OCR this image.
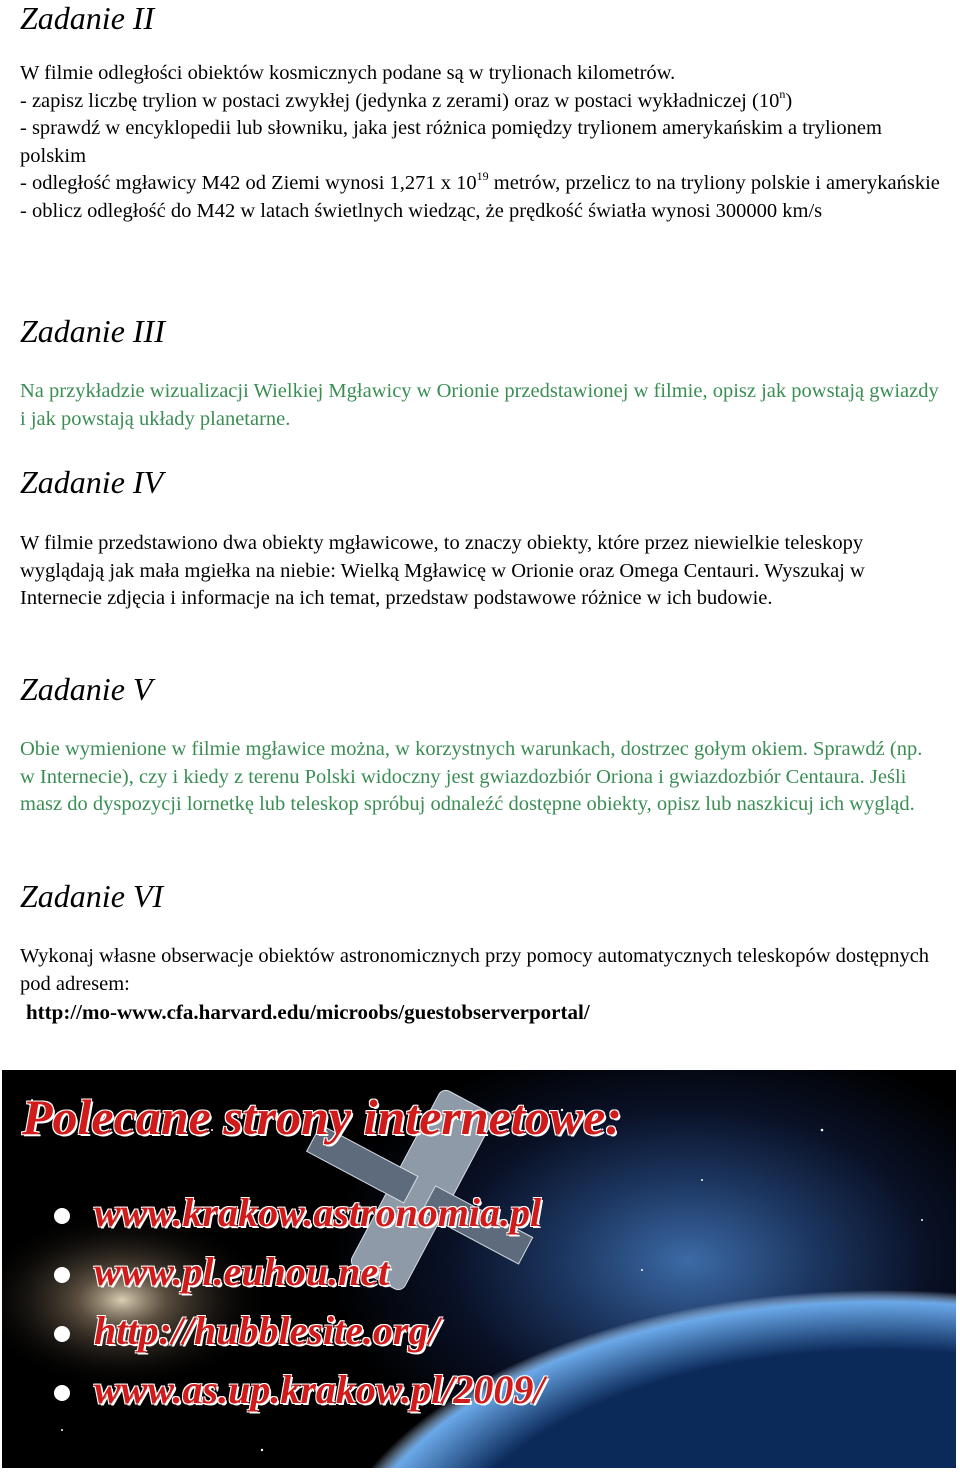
Zadanie II
W filmie odległości obiektów kosmicznych podane są w trylionach kilometrów.
- zapisz liczbę trylion w postaci zwykłej (jedynka z zerami) oraz w postaci wykładniczej (10$^n$)
- sprawdź w encyklopedii lub słowniku, jaka jest różnica pomiędzy trylionem amerykańskim a trylionem polskim
- odległość mgławicy M42 od Ziemi wynosi 1,271 x $10^{19}$ metrów, przelicz to na tryliony polskie i amerykańskie
- oblicz odległość do M42 w latach świetlnych wiedząc, że prędkość światła wynosi 300000 km/s
Zadanie III

Na przykładzie wizualizacji Wielkiej Mgławicy w Orionie przedstawionej w filmie, opisz jak powstają gwiazdy i jak powstają układy planetarne.

Zadanie IV

W filmie przedstawiono dwa obiekty mgławicowe, to znaczy obiekty, które przez niewielkie teleskopy wyglądają jak mała mgiełka na niebie: Wielką Mgławicę w Orionie oraz Omega Centauri. Wyszukaj w Internecie zdjęcia i informacje na ich temat, przedstaw podstawowe różnice w ich budowie.

Zadanie V

Obie wymienione w filmie mgławice można, w korzystnych warunkach, dostrzec gołym okiem. Sprawdź (np. w Internecie), czy i kiedy z terenu Polski widoczny jest gwiazdozbiór Oriona i gwiazdozbiór Centaura. Jeśli masz do dyspozycji lornetkę lub teleskop spróbuj odnaleźć dostępne obiekty, opisz lub naszkicuj ich wygląd.

Zadanie VI

Wykonaj własne obserwacje obiektów astronomicznych przy pomocy automatycznych teleskopów dostępnych pod adresem:

http://mo-www.cfa.harvard.edu/microobs/guestobserverportal/

Polecane strony internetowe:
www.krakow.astronomia.pl
www.pl.euhou.net
http://hubblesite.org/
www.as.up.krakow.pl/2009/
